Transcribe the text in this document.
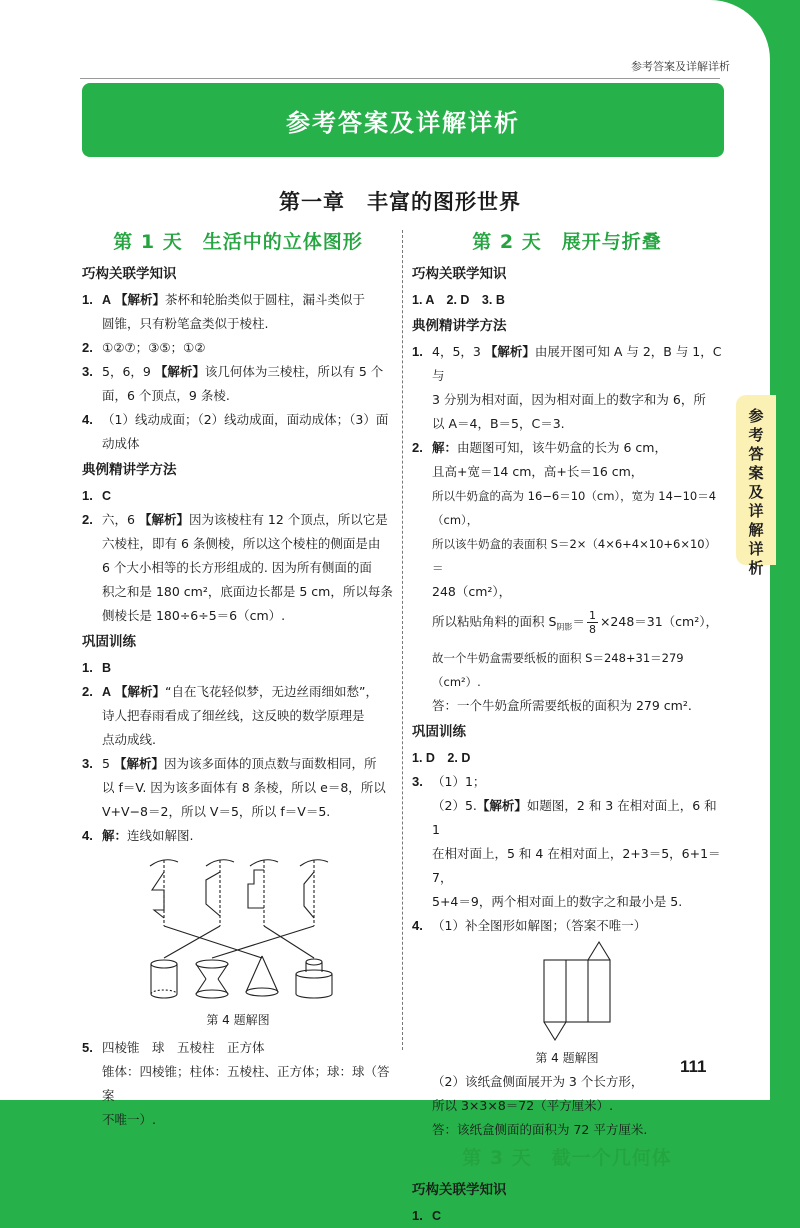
参考答案及详解详析
参考答案及详解详析
第一章　丰富的图形世界
参考答案及详解详析
第 1 天　生活中的立体图形
巧构关联学知识
1. A 【解析】茶杯和轮胎类似于圆柱，漏斗类似于
圆锥，只有粉笔盒类似于棱柱.
2. ①②⑦；③⑤；①②
3. 5，6，9 【解析】该几何体为三棱柱，所以有 5 个
面，6 个顶点，9 条棱.
4. （1）线动成面；（2）线动成面，面动成体；（3）面动成体
典例精讲学方法
1. C
2. 六，6 【解析】因为该棱柱有 12 个顶点，所以它是
六棱柱，即有 6 条侧棱，所以这个棱柱的侧面是由
6 个大小相等的长方形组成的. 因为所有侧面的面
积之和是 180 cm²，底面边长都是 5 cm，所以每条
侧棱长是 180÷6÷5＝6（cm）.
巩固训练
1. B
2. A 【解析】“自在飞花轻似梦，无边丝雨细如愁”，
诗人把春雨看成了细丝线，这反映的数学原理是
点动成线.
3. 5 【解析】因为该多面体的顶点数与面数相同，所
以 f＝V. 因为该多面体有 8 条棱，所以 e＝8，所以
V+V−8＝2，所以 V＝5，所以 f＝V＝5.
4. 解：连线如解图.
第 4 题解图
5. 四棱锥　球　五棱柱　正方体
锥体：四棱锥；柱体：五棱柱、正方体；球：球（答案
不唯一）.
第 2 天　展开与折叠
巧构关联学知识
1. A　2. D　3. B
典例精讲学方法
1. 4，5，3 【解析】由展开图可知 A 与 2，B 与 1，C 与
3 分别为相对面，因为相对面上的数字和为 6，所
以 A＝4，B＝5，C＝3.
2. 解：由题图可知，该牛奶盒的长为 6 cm，
且高+宽＝14 cm，高+长＝16 cm，
所以牛奶盒的高为 16−6＝10（cm），宽为 14−10＝4（cm），
所以该牛奶盒的表面积 S＝2×（4×6+4×10+6×10）＝
248（cm²），
所以粘贴角料的面积 $S_{阴影}= \frac{1}{8} \times 248=31(cm^2)$，
故一个牛奶盒需要纸板的面积 S＝248+31＝279（cm²）.
答：一个牛奶盒所需要纸板的面积为 279 cm².
巩固训练
1. D　2. D
3. （1）1；
（2）5.【解析】如题图，2 和 3 在相对面上，6 和 1
在相对面上，5 和 4 在相对面上，2+3＝5，6+1＝7，
5+4＝9，两个相对面上的数字之和最小是 5.
4. （1）补全图形如解图；（答案不唯一）
第 4 题解图
（2）该纸盒侧面展开为 3 个长方形，
所以 3×3×8＝72（平方厘米）.
答：该纸盒侧面的面积为 72 平方厘米.
第 3 天　截一个几何体
巧构关联学知识
1. C
111
